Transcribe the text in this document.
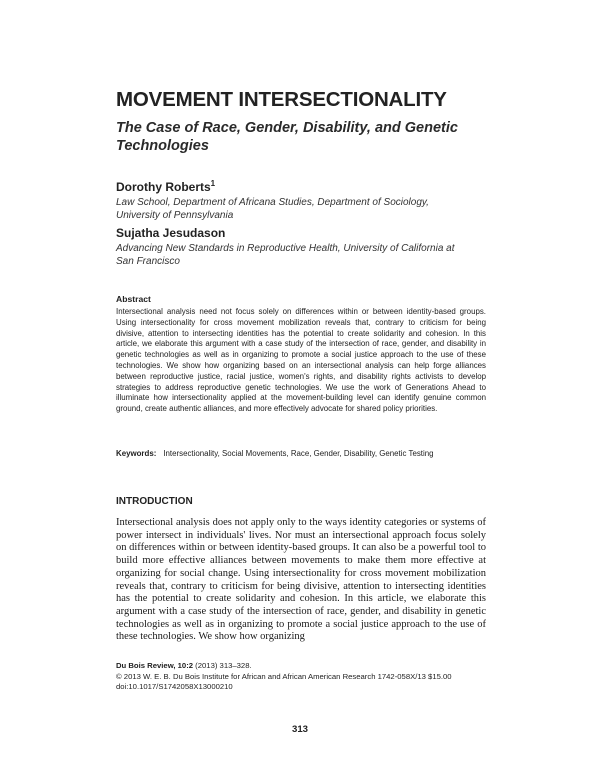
MOVEMENT INTERSECTIONALITY
The Case of Race, Gender, Disability, and Genetic Technologies
Dorothy Roberts$^1$
Law School, Department of Africana Studies, Department of Sociology, University of Pennsylvania
Sujatha Jesudason
Advancing New Standards in Reproductive Health, University of California at San Francisco
Abstract
Intersectional analysis need not focus solely on differences within or between identity-based groups. Using intersectionality for cross movement mobilization reveals that, contrary to criticism for being divisive, attention to intersecting identities has the potential to create solidarity and cohesion. In this article, we elaborate this argument with a case study of the intersection of race, gender, and disability in genetic technologies as well as in organizing to promote a social justice approach to the use of these technologies. We show how organizing based on an intersectional analysis can help forge alliances between reproductive justice, racial justice, women's rights, and disability rights activists to develop strategies to address reproductive genetic technologies. We use the work of Generations Ahead to illuminate how intersectionality applied at the movement-building level can identify genuine common ground, create authentic alliances, and more effectively advocate for shared policy priorities.
Keywords: Intersectionality, Social Movements, Race, Gender, Disability, Genetic Testing
INTRODUCTION
Intersectional analysis does not apply only to the ways identity categories or systems of power intersect in individuals' lives. Nor must an intersectional approach focus solely on differences within or between identity-based groups. It can also be a powerful tool to build more effective alliances between movements to make them more effective at organizing for social change. Using intersectionality for cross movement mobilization reveals that, contrary to criticism for being divisive, attention to intersecting identities has the potential to create solidarity and cohesion. In this article, we elaborate this argument with a case study of the intersection of race, gender, and disability in genetic technologies as well as in organizing to promote a social justice approach to the use of these technologies. We show how organizing
Du Bois Review, 10:2 (2013) 313–328.
© 2013 W. E. B. Du Bois Institute for African and African American Research 1742-058X/13 $15.00
doi:10.1017/S1742058X13000210
313
